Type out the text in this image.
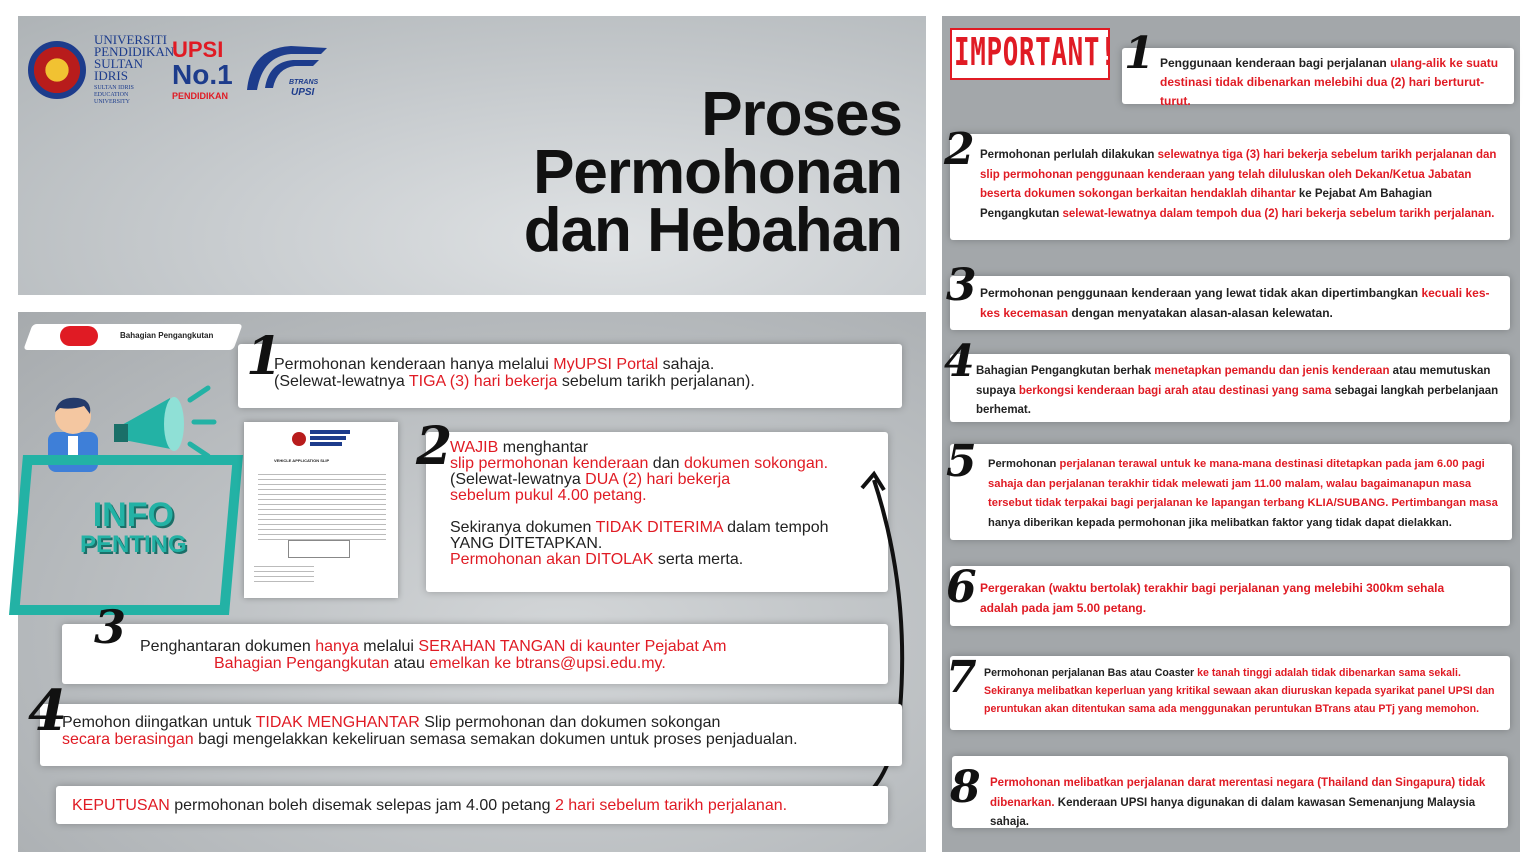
UNIVERSITI
PENDIDIKAN
SULTAN IDRIS
SULTAN IDRIS EDUCATION UNIVERSITY
UPSI
No.1
PENDIDIKAN
BTRANS
UPSI	Proses
Permohonan
dan Hebahan
Bahagian Pengangkutan
INFO
PENTING
1
Permohonan kenderaan hanya melalui MyUPSI Portal sahaja.
(Selewat-lewatnya TIGA (3) hari bekerja sebelum tarikh perjalanan).
VEHICLE APPLICATION SLIP 2
WAJIB menghantar
slip permohonan kenderaan dan dokumen sokongan.
(Selewat-lewatnya DUA (2) hari bekerja
sebelum pukul 4.00 petang.

Sekiranya dokumen TIDAK DITERIMA dalam tempoh
YANG DITETAPKAN.
Permohonan akan DITOLAK serta merta.
3 Penghantaran dokumen hanya melalui SERAHAN TANGAN di kaunter Pejabat Am
Bahagian Pengangkutan atau emelkan ke btrans@upsi.edu.my.
4
Pemohon diingatkan untuk TIDAK MENGHANTAR Slip permohonan dan dokumen sokongan
secara berasingan bagi mengelakkan kekeliruan semasa semakan dokumen untuk proses penjadualan.
KEPUTUSAN permohonan boleh disemak selepas jam 4.00 petang 2 hari sebelum tarikh perjalanan.
IMPORTANT! 1 Penggunaan kenderaan bagi perjalanan ulang-alik ke suatu destinasi tidak dibenarkan melebihi dua (2) hari berturut-turut.
2 Permohonan perlulah dilakukan selewatnya tiga (3) hari bekerja sebelum tarikh perjalanan dan slip permohonan penggunaan kenderaan yang telah diluluskan oleh Dekan/Ketua Jabatan beserta dokumen sokongan berkaitan hendaklah dihantar ke Pejabat Am Bahagian Pengangkutan selewat-lewatnya dalam tempoh dua (2) hari bekerja sebelum tarikh perjalanan.
3 Permohonan penggunaan kenderaan yang lewat tidak akan dipertimbangkan kecuali kes-kes kecemasan dengan menyatakan alasan-alasan kelewatan.
4 Bahagian Pengangkutan berhak menetapkan pemandu dan jenis kenderaan atau memutuskan supaya berkongsi kenderaan bagi arah atau destinasi yang sama sebagai langkah perbelanjaan berhemat.
5 Permohonan perjalanan terawal untuk ke mana-mana destinasi ditetapkan pada jam 6.00 pagi sahaja dan perjalanan terakhir tidak melewati jam 11.00 malam, walau bagaimanapun masa tersebut tidak terpakai bagi perjalanan ke lapangan terbang KLIA/SUBANG. Pertimbangan masa hanya diberikan kepada permohonan jika melibatkan faktor yang tidak dapat dielakkan.
6 Pergerakan (waktu bertolak) terakhir bagi perjalanan yang melebihi 300km sehala adalah pada jam 5.00 petang.
7 Permohonan perjalanan Bas atau Coaster ke tanah tinggi adalah tidak dibenarkan sama sekali. Sekiranya melibatkan keperluan yang kritikal sewaan akan diuruskan kepada syarikat panel UPSI dan peruntukan akan ditentukan sama ada menggunakan peruntukan BTrans atau PTj yang memohon.
8 Permohonan melibatkan perjalanan darat merentasi negara (Thailand dan Singapura) tidak dibenarkan. Kenderaan UPSI hanya digunakan di dalam kawasan Semenanjung Malaysia sahaja.
